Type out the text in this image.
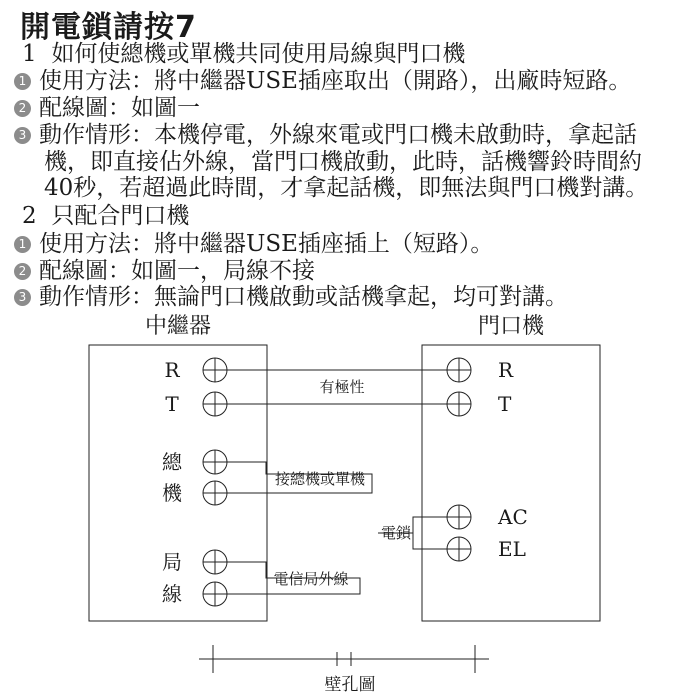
開電鎖請按7
1 如何使總機或單機共同使用局線與門口機
1 使用方法：將中繼器USE插座取出（開路），出廠時短路。
2 配線圖：如圖一
3 動作情形：本機停電，外線來電或門口機未啟動時，拿起話
機，即直接佔外線，當門口機啟動，此時，話機響鈴時間約
40秒，若超過此時間，才拿起話機，即無法與門口機對講。
2 只配合門口機
1 使用方法：將中繼器USE插座插上（短路）。
2 配線圖：如圖一，局線不接
3 動作情形：無論門口機啟動或話機拿起，均可對講。
中繼器	門口機
R
T
總
機
局
線
R
T
AC
EL
有極性
接總機或單機
電鎖
電信局外線
壁孔圖
